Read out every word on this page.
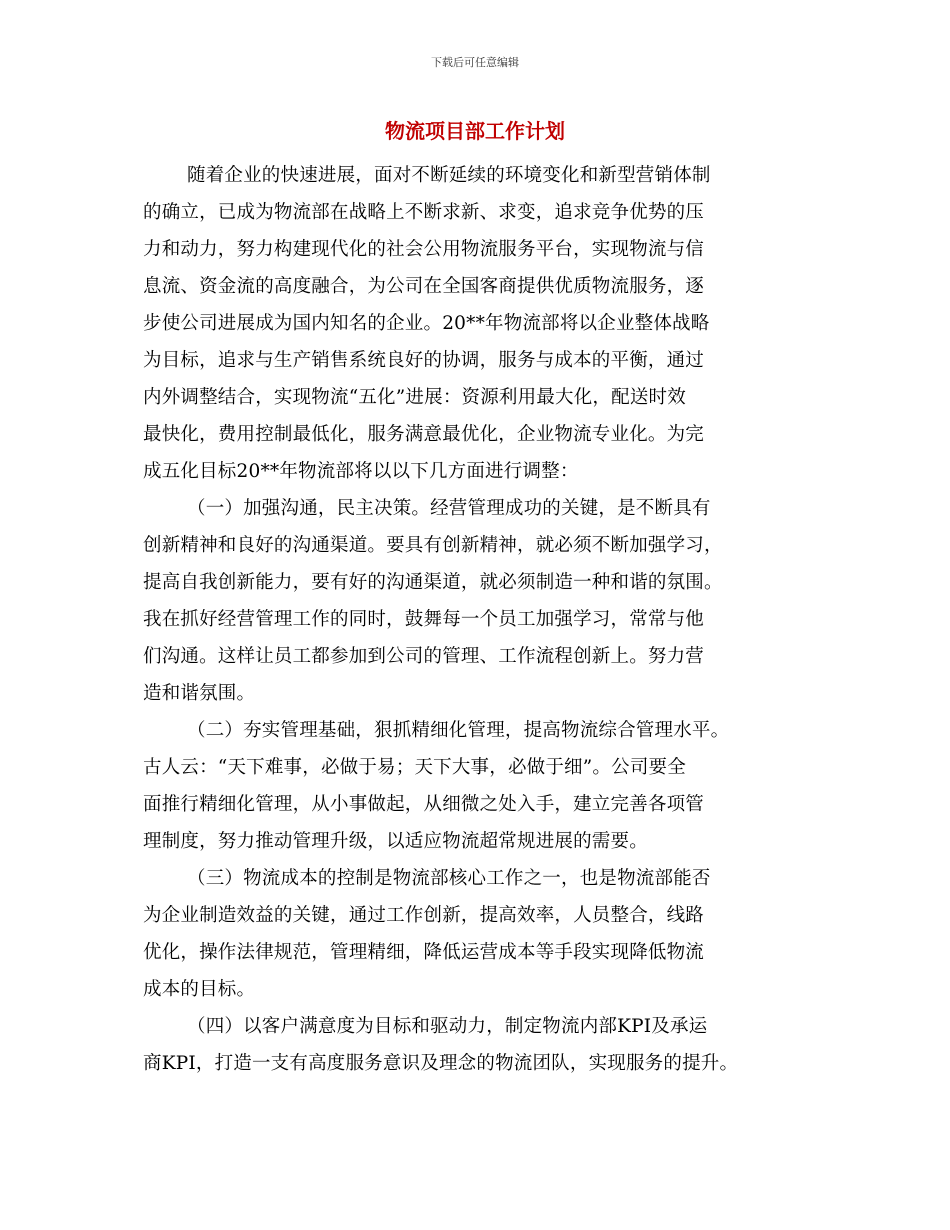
下载后可任意编辑
物流项目部工作计划
随着企业的快速进展，面对不断延续的环境变化和新型营销体制
的确立，已成为物流部在战略上不断求新、求变，追求竞争优势的压
力和动力，努力构建现代化的社会公用物流服务平台，实现物流与信
息流、资金流的高度融合，为公司在全国客商提供优质物流服务，逐
步使公司进展成为国内知名的企业。20**年物流部将以企业整体战略
为目标，追求与生产销售系统良好的协调，服务与成本的平衡，通过
内外调整结合，实现物流“五化”进展：资源利用最大化，配送时效
最快化，费用控制最低化，服务满意最优化，企业物流专业化。为完
成五化目标20**年物流部将以以下几方面进行调整：
（一）加强沟通，民主决策。经营管理成功的关键，是不断具有
创新精神和良好的沟通渠道。要具有创新精神，就必须不断加强学习，
提高自我创新能力，要有好的沟通渠道，就必须制造一种和谐的氛围。
我在抓好经营管理工作的同时，鼓舞每一个员工加强学习，常常与他
们沟通。这样让员工都参加到公司的管理、工作流程创新上。努力营
造和谐氛围。
（二）夯实管理基础，狠抓精细化管理，提高物流综合管理水平。
古人云：“天下难事，必做于易；天下大事，必做于细”。公司要全
面推行精细化管理，从小事做起，从细微之处入手，建立完善各项管
理制度，努力推动管理升级，以适应物流超常规进展的需要。
（三）物流成本的控制是物流部核心工作之一，也是物流部能否
为企业制造效益的关键，通过工作创新，提高效率，人员整合，线路
优化，操作法律规范，管理精细，降低运营成本等手段实现降低物流
成本的目标。
（四）以客户满意度为目标和驱动力，制定物流内部KPI及承运
商KPI，打造一支有高度服务意识及理念的物流团队，实现服务的提升。
